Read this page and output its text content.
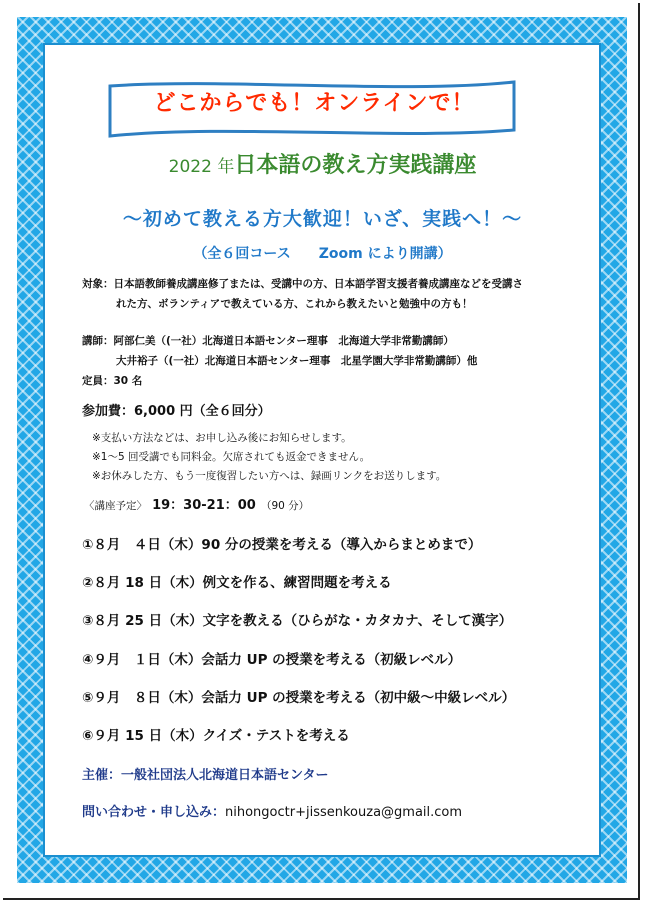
どこからでも！オンラインで！
2022 年日本語の教え方実践講座
～初めて教える方大歓迎！いざ、実践へ！～
（全６回コース　　Zoom により開講）
対象：日本語教師養成講座修了または、受講中の方、日本語学習支援者養成講座などを受講さ
れた方、ボランティアで教えている方、これから教えたいと勉強中の方も！
講師：阿部仁美（(一社）北海道日本語センター理事　北海道大学非常勤講師）
大井裕子（(一社）北海道日本語センター理事　北星学園大学非常勤講師）他
定員：30 名
参加費：6,000 円（全６回分）
※支払い方法などは、お申し込み後にお知らせします。
※1～5 回受講でも同料金。欠席されても返金できません。
※お休みした方、もう一度復習したい方へは、録画リンクをお送りします。
〈講座予定〉 19：30-21：00 （90 分）
①８月　４日（木）90 分の授業を考える（導入からまとめまで）
②８月 18 日（木）例文を作る、練習問題を考える
③８月 25 日（木）文字を教える（ひらがな・カタカナ、そして漢字）
④９月　１日（木）会話力 UP の授業を考える（初級レベル）
⑤９月　８日（木）会話力 UP の授業を考える（初中級～中級レベル）
⑥９月 15 日（木）クイズ・テストを考える
主催：一般社団法人北海道日本語センター
問い合わせ・申し込み：nihongoctr+jissenkouza@gmail.com
